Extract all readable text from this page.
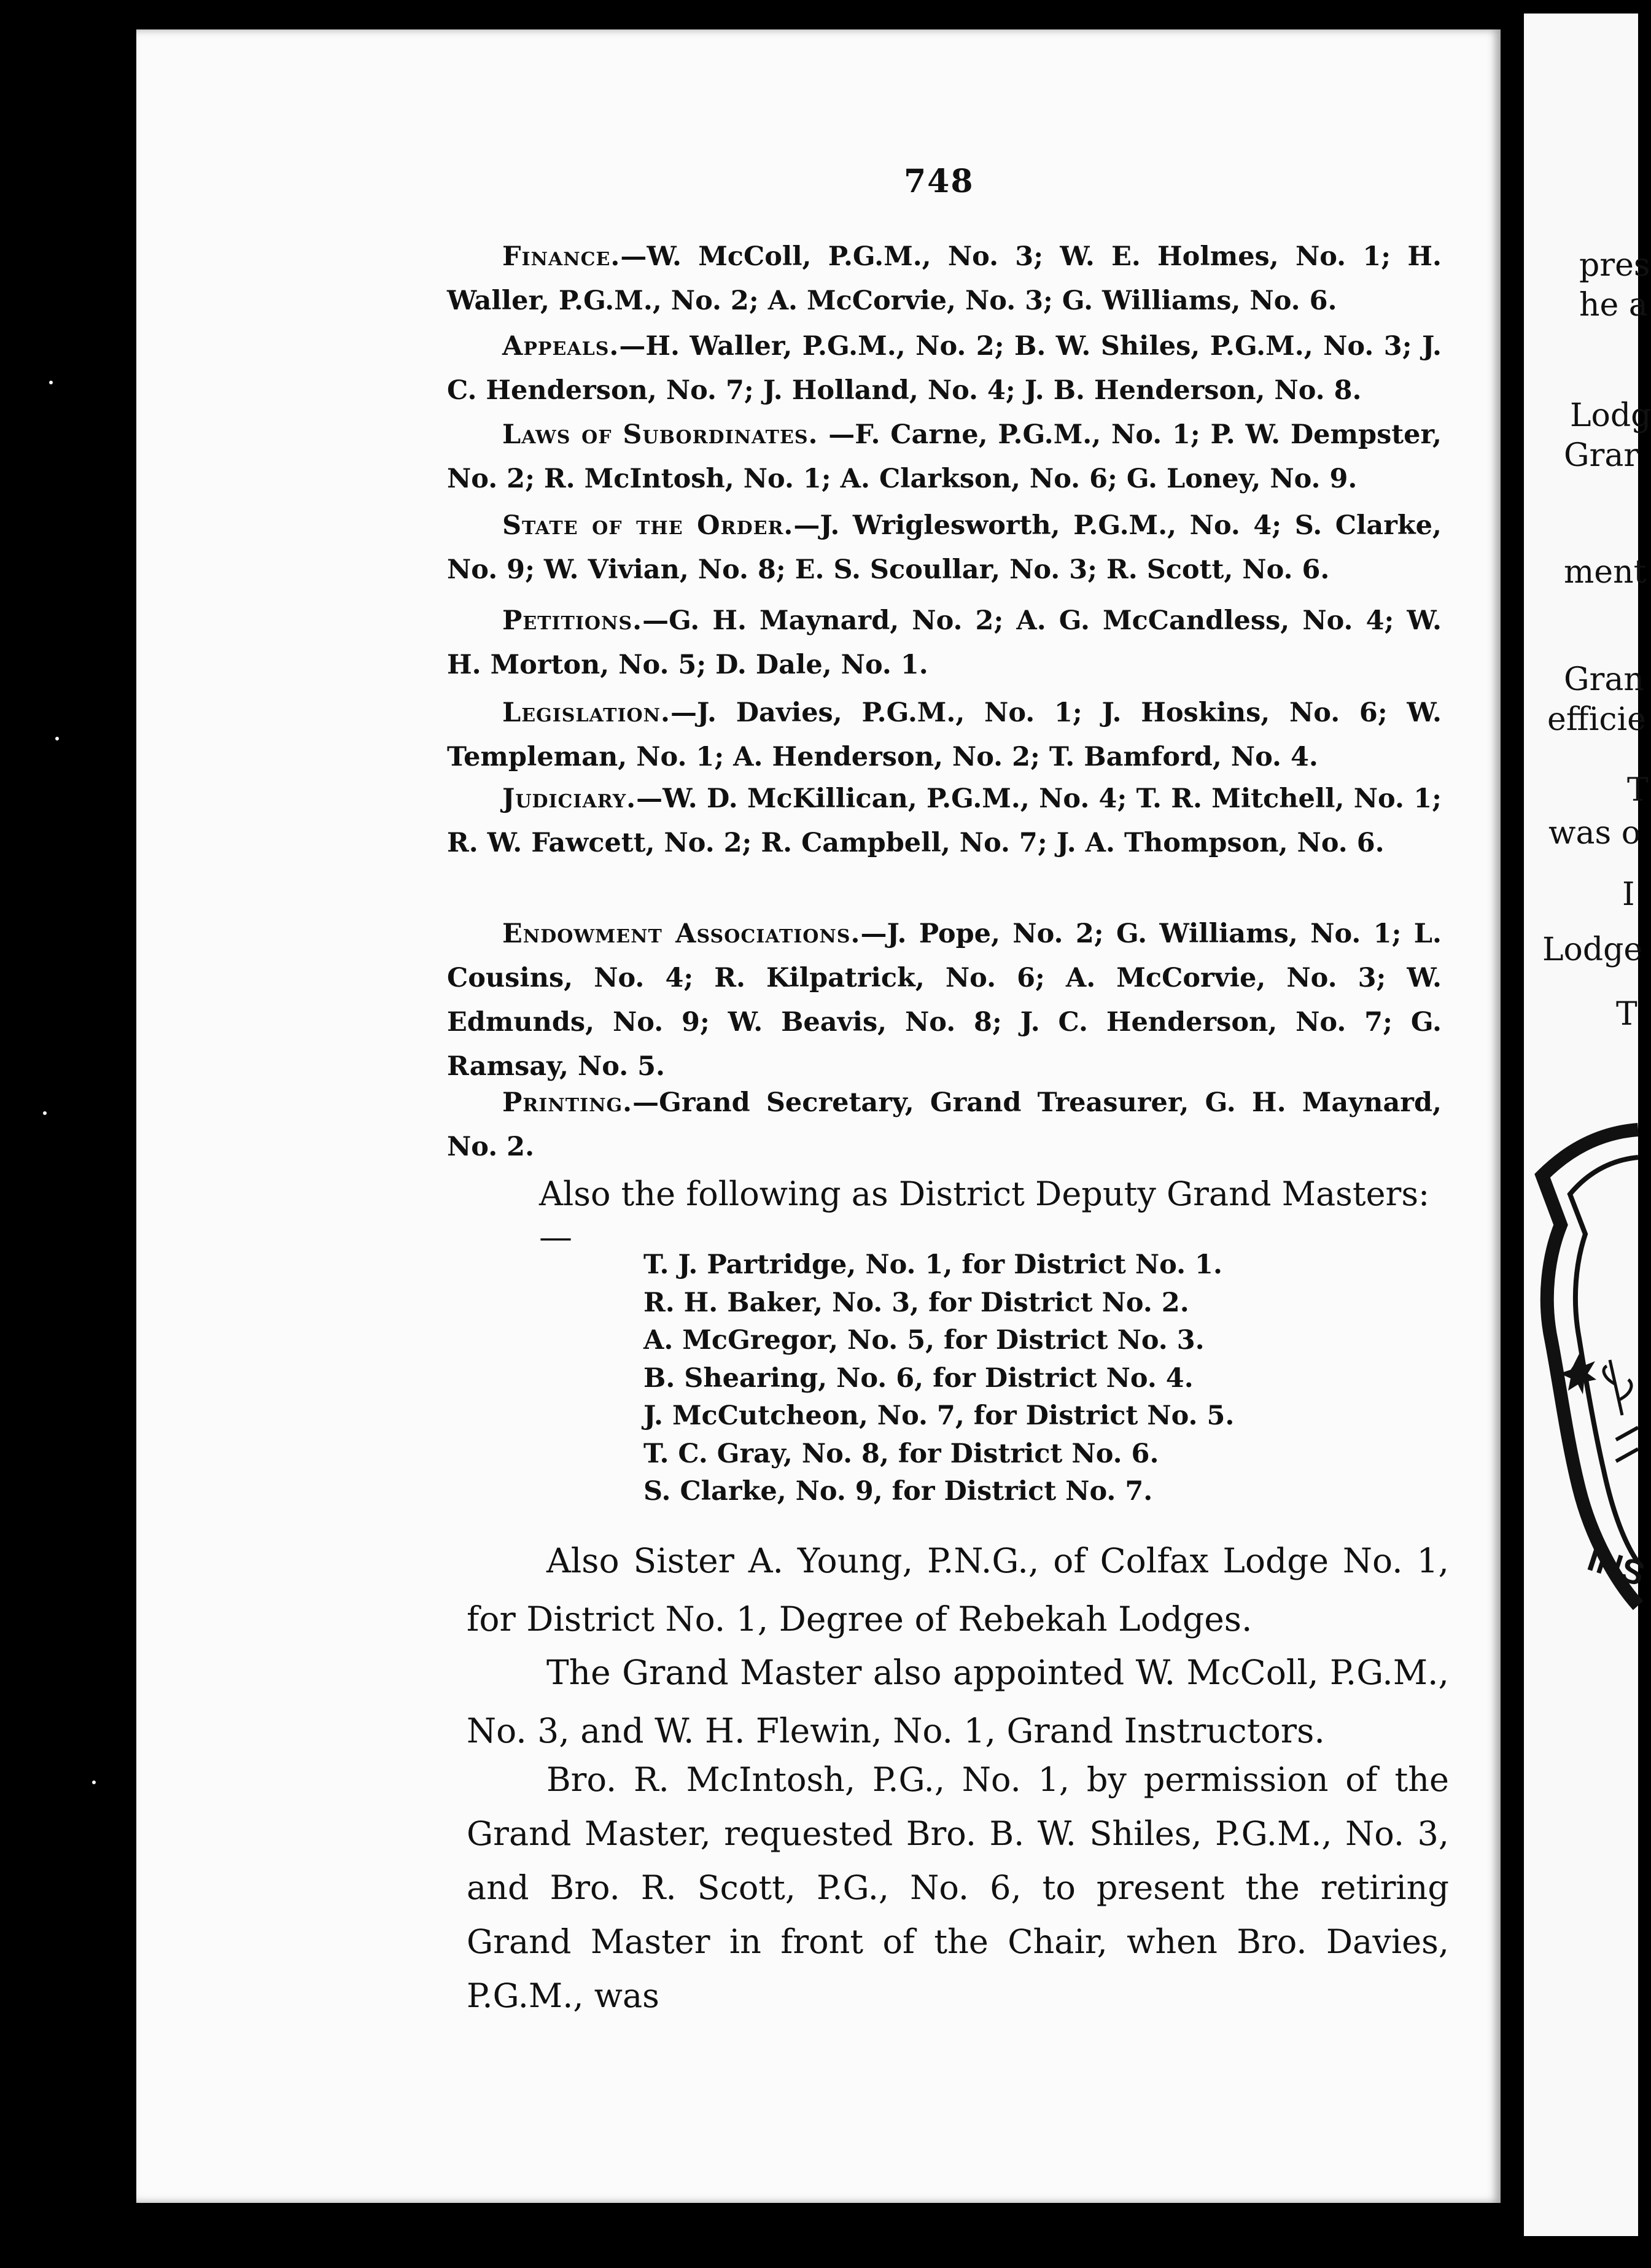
pres
he a
Lodg
Grar
ment
Gran
efficie
T
was o
I
Lodge
T
INS
748
Finance.—W. McColl, P.G.M., No. 3; W. E. Holmes, No. 1; H. Waller, P.G.M., No. 2; A. McCorvie, No. 3; G. Williams, No. 6.
Appeals.—H. Waller, P.G.M., No. 2; B. W. Shiles, P.G.M., No. 3; J. C. Henderson, No. 7; J. Holland, No. 4; J. B. Henderson, No. 8.
Laws of Subordinates. —F. Carne, P.G.M., No. 1; P. W. Dempster, No. 2; R. McIntosh, No. 1; A. Clarkson, No. 6; G. Loney, No. 9.
State of the Order.—J. Wriglesworth, P.G.M., No. 4; S. Clarke, No. 9; W. Vivian, No. 8; E. S. Scoullar, No. 3; R. Scott, No. 6.
Petitions.—G. H. Maynard, No. 2; A. G. McCandless, No. 4; W. H. Morton, No. 5; D. Dale, No. 1.
Legislation.—J. Davies, P.G.M., No. 1; J. Hoskins, No. 6; W. Templeman, No. 1; A. Henderson, No. 2; T. Bamford, No. 4.
Judiciary.—W. D. McKillican, P.G.M., No. 4; T. R. Mitchell, No. 1; R. W. Fawcett, No. 2; R. Campbell, No. 7; J. A. Thompson, No. 6.
Endowment Associations.—J. Pope, No. 2; G. Williams, No. 1; L. Cousins, No. 4; R. Kilpatrick, No. 6; A. McCorvie, No. 3; W. Edmunds, No. 9; W. Beavis, No. 8; J. C. Henderson, No. 7; G. Ramsay, No. 5.
Printing.—Grand Secretary, Grand Treasurer, G. H. Maynard, No. 2.
Also the following as District Deputy Grand Masters:—
T. J. Partridge, No. 1, for District No. 1.
R. H. Baker, No. 3, for District No. 2.
A. McGregor, No. 5, for District No. 3.
B. Shearing, No. 6, for District No. 4.
J. McCutcheon, No. 7, for District No. 5.
T. C. Gray, No. 8, for District No. 6.
S. Clarke, No. 9, for District No. 7.
Also Sister A. Young, P.N.G., of Colfax Lodge No. 1, for District No. 1, Degree of Rebekah Lodges.
The Grand Master also appointed W. McColl, P.G.M., No. 3, and W. H. Flewin, No. 1, Grand Instructors.
Bro. R. McIntosh, P.G., No. 1, by permission of the Grand Master, requested Bro. B. W. Shiles, P.G.M., No. 3, and Bro. R. Scott, P.G., No. 6, to present the retiring Grand Master in front of the Chair, when Bro. Davies, P.G.M., was
